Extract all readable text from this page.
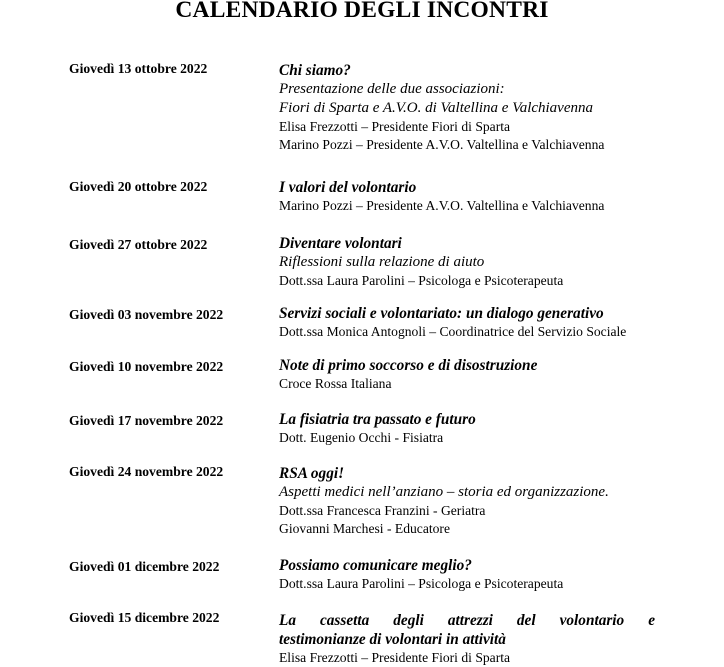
CALENDARIO DEGLI INCONTRI
Giovedì 13 ottobre 2022	Chi siamo?
Presentazione delle due associazioni:
Fiori di Sparta e A.V.O. di Valtellina e Valchiavenna
Elisa Frezzotti – Presidente Fiori di Sparta
Marino Pozzi – Presidente A.V.O. Valtellina e Valchiavenna
Giovedì 20 ottobre 2022	I valori del volontario
Marino Pozzi – Presidente A.V.O. Valtellina e Valchiavenna
Giovedì 27 ottobre 2022	Diventare volontari
Riflessioni sulla relazione di aiuto
Dott.ssa Laura Parolini – Psicologa e Psicoterapeuta
Giovedì 03 novembre 2022	Servizi sociali e volontariato: un dialogo generativo
Dott.ssa Monica Antognoli – Coordinatrice del Servizio Sociale
Giovedì 10 novembre 2022	Note di primo soccorso e di disostruzione
Croce Rossa Italiana
Giovedì 17 novembre 2022	La fisiatria tra passato e futuro
Dott. Eugenio Occhi - Fisiatra
Giovedì 24 novembre 2022	RSA oggi!
Aspetti medici nell’anziano – storia ed organizzazione.
Dott.ssa Francesca Franzini - Geriatra
Giovanni Marchesi - Educatore
Giovedì 01 dicembre 2022	Possiamo comunicare meglio?
Dott.ssa Laura Parolini – Psicologa e Psicoterapeuta
Giovedì 15 dicembre 2022	La cassetta degli attrezzi del volontario e
testimonianze di volontari in attività
Elisa Frezzotti – Presidente Fiori di Sparta
